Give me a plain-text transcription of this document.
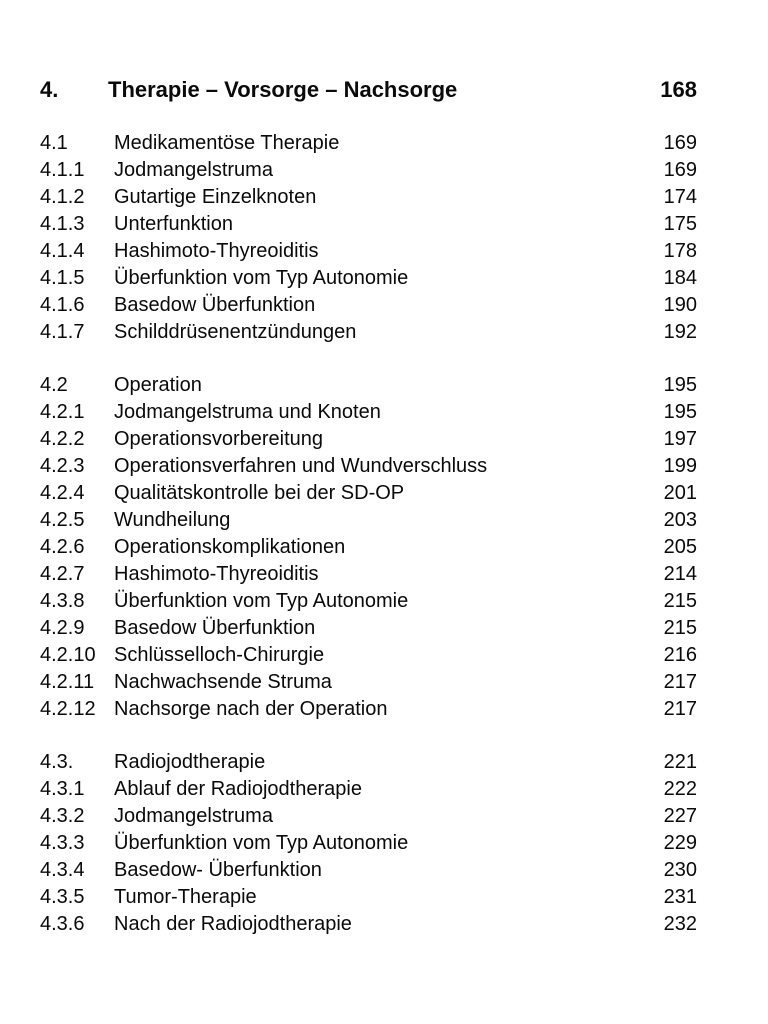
4.	Therapie – Vorsorge – Nachsorge	168
4.1	Medikamentöse Therapie	169
4.1.1	Jodmangelstruma	169
4.1.2	Gutartige Einzelknoten	174
4.1.3	Unterfunktion	175
4.1.4	Hashimoto-Thyreoiditis	178
4.1.5	Überfunktion vom Typ Autonomie	184
4.1.6	Basedow Überfunktion	190
4.1.7	Schilddrüsenentzündungen	192
4.2	Operation	195
4.2.1	Jodmangelstruma und Knoten	195
4.2.2	Operationsvorbereitung	197
4.2.3	Operationsverfahren und Wundverschluss	199
4.2.4	Qualitätskontrolle bei der SD-OP	201
4.2.5	Wundheilung	203
4.2.6	Operationskomplikationen	205
4.2.7	Hashimoto-Thyreoiditis	214
4.3.8	Überfunktion vom Typ Autonomie	215
4.2.9	Basedow Überfunktion	215
4.2.10 Schlüsselloch-Chirurgie	216
4.2.11 Nachwachsende Struma	217
4.2.12 Nachsorge nach der Operation	217
4.3.	Radiojodtherapie	221
4.3.1	Ablauf der Radiojodtherapie	222
4.3.2	Jodmangelstruma	227
4.3.3	Überfunktion vom Typ Autonomie	229
4.3.4	Basedow- Überfunktion	230
4.3.5	Tumor-Therapie	231
4.3.6	Nach der Radiojodtherapie	232
